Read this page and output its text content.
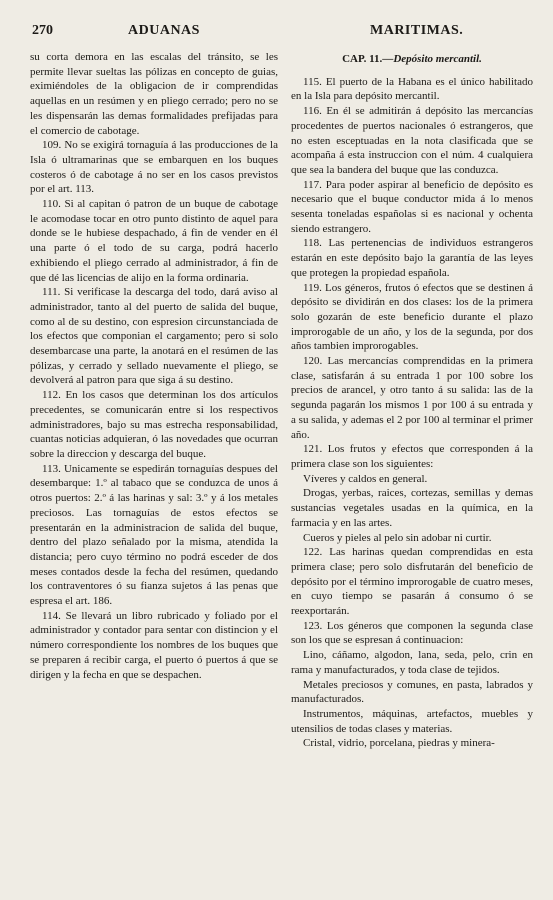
270	ADUANAS	MARITIMAS.

su corta demora en las escalas del tránsito, se les permite llevar sueltas las pólizas en concepto de guias, eximiéndoles de la obligacion de ir comprendidas aquellas en un resúmen y en pliego cerrado; pero no se les dispensarán las demas formalidades prefijadas para el comercio de cabotage.

109. No se exigirá tornaguía á las producciones de la Isla ó ultramarinas que se embarquen en los buques costeros ó de cabotage á no ser en los casos previstos por el art. 113.

110. Si al capitan ó patron de un buque de cabotage le acomodase tocar en otro punto distinto de aquel para donde se le hubiese despachado, á fin de vender en él una parte ó el todo de su carga, podrá hacerlo exhibiendo el pliego cerrado al administrador, á fin de que dé las licencias de alijo en la forma ordinaria.

111. Si verificase la descarga del todo, dará aviso al administrador, tanto al del puerto de salida del buque, como al de su destino, con espresion circunstanciada de los efectos que componian el cargamento; pero si solo desembarcase una parte, la anotará en el resúmen de las pólizas, y cerrado y sellado nuevamente el pliego, se devolverá al patron para que siga á su destino.

112. En los casos que determinan los dos artículos precedentes, se comunicarán entre si los respectivos administradores, bajo su mas estrecha responsabilidad, cuantas noticias adquieran, ó las novedades que ocurran sobre la direccion y descarga del buque.

113. Unicamente se espedirán tornaguías despues del desembarque: 1.º al tabaco que se conduzca de unos á otros puertos: 2.º á las harinas y sal: 3.º y á los metales preciosos. Las tornaguías de estos efectos se presentarán en la administracion de salida del buque, dentro del plazo señalado por la misma, atendida la distancia; pero cuyo término no podrá esceder de dos meses contados desde la fecha del resúmen, quedando los contraventores ó su fianza sujetos á las penas que espresa el art. 186.

114. Se llevará un libro rubricado y foliado por el administrador y contador para sentar con distincion y el número correspondiente los nombres de los buques que se preparen á recibir carga, el puerto ó puertos á que se dirigen y la fecha en que se despachen.

CAP. 11.—Depósito mercantil.

115. El puerto de la Habana es el único habilitado en la Isla para depósito mercantil.

116. En él se admitirán á depósito las mercancías procedentes de puertos nacionales ó estrangeros, que no esten esceptuadas en la nota clasificada que se acompaña á esta instruccion con el núm. 4 cualquiera que sea la bandera del buque que las conduzca.

117. Para poder aspirar al beneficio de depósito es necesario que el buque conductor mida á lo menos sesenta toneladas españolas si es nacional y ochenta siendo estrangero.

118. Las pertenencias de individuos estrangeros estarán en este depósito bajo la garantía de las leyes que protegen la propiedad española.

119. Los géneros, frutos ó efectos que se destinen á depósito se dividirán en dos clases: los de la primera solo gozarán de este beneficio durante el plazo improrogable de un año, y los de la segunda, por dos años tambien improrogables.

120. Las mercancías comprendidas en la primera clase, satisfarán á su entrada 1 por 100 sobre los precios de arancel, y otro tanto á su salida: las de la segunda pagarán los mismos 1 por 100 á su entrada y a su salida, y ademas el 2 por 100 al terminar el primer año.

121. Los frutos y efectos que corresponden á la primera clase son los siguientes:

Víveres y caldos en general.

Drogas, yerbas, raices, cortezas, semillas y demas sustancias vegetales usadas en la química, en la farmacia y en las artes.

Cueros y pieles al pelo sin adobar ni curtir.

122. Las harinas quedan comprendidas en esta primera clase; pero solo disfrutarán del beneficio de depósito por el término improrogable de cuatro meses, en cuyo tiempo se pasarán á consumo ó se reexportarán.

123. Los géneros que componen la segunda clase son los que se espresan á continuacion:

Lino, cáñamo, algodon, lana, seda, pelo, crin en rama y manufacturados, y toda clase de tejidos.

Metales preciosos y comunes, en pasta, labrados y manufacturados.

Instrumentos, máquinas, artefactos, muebles y utensilios de todas clases y materias.

Cristal, vidrio, porcelana, piedras y minera-
